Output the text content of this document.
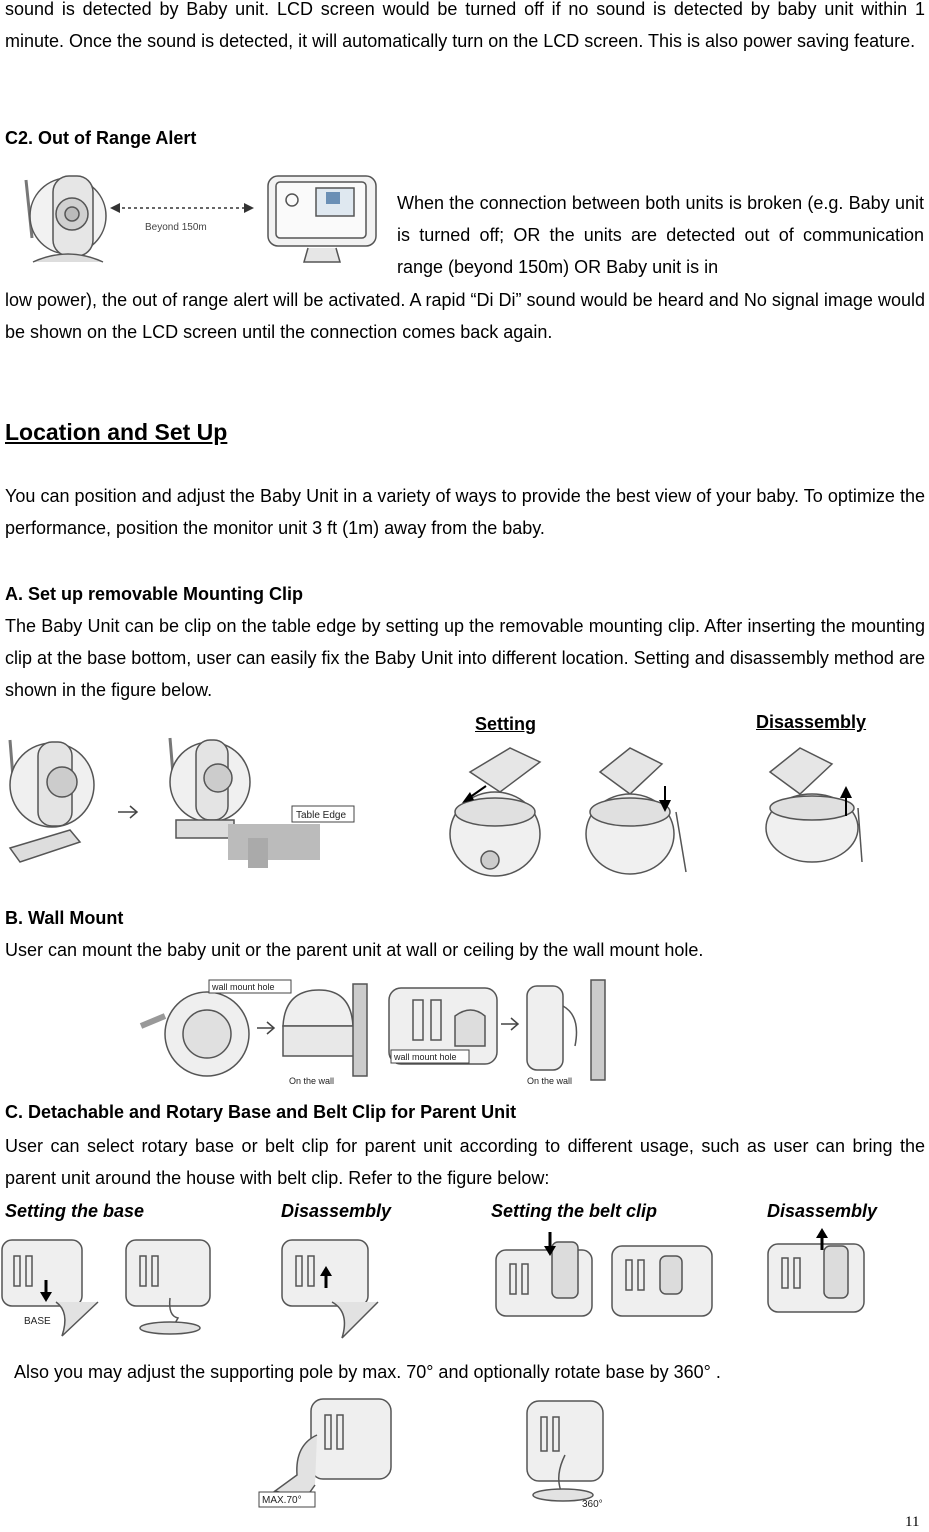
sound is detected by Baby unit. LCD screen would be turned off if no sound is detected by baby unit within 1 minute. Once the sound is detected, it will automatically turn on the LCD screen. This is also power saving feature.
C2. Out of Range Alert
Beyond 150m
When the connection between both units is broken (e.g. Baby unit is turned off; OR the units are detected out of communication range (beyond 150m) OR Baby unit is in
low power), the out of range alert will be activated. A rapid “Di Di” sound would be heard and No signal image would be shown on the LCD screen until the connection comes back again.
Location and Set Up
You can position and adjust the Baby Unit in a variety of ways to provide the best view of your baby. To optimize the performance, position the monitor unit 3 ft (1m) away from the baby.
A. Set up removable Mounting Clip
The Baby Unit can be clip on the table edge by setting up the removable mounting clip. After inserting the mounting clip at the base bottom, user can easily fix the Baby Unit into different location. Setting and disassembly method are shown in the figure below.
Setting	Disassembly
Table Edge
B. Wall Mount
User can mount the baby unit or the parent unit at wall or ceiling by the wall mount hole.
wall mount hole
On the wall
wall mount hole
On the wall
C. Detachable and Rotary Base and Belt Clip for Parent Unit
User can select rotary base or belt clip for parent unit according to different usage, such as user can bring the parent unit around the house with belt clip. Refer to the figure below:
Setting the base	Disassembly	Setting the belt clip	Disassembly
BASE
Also you may adjust the supporting pole by max. 70° and optionally rotate base by 360° .
MAX.70°	360°
11
